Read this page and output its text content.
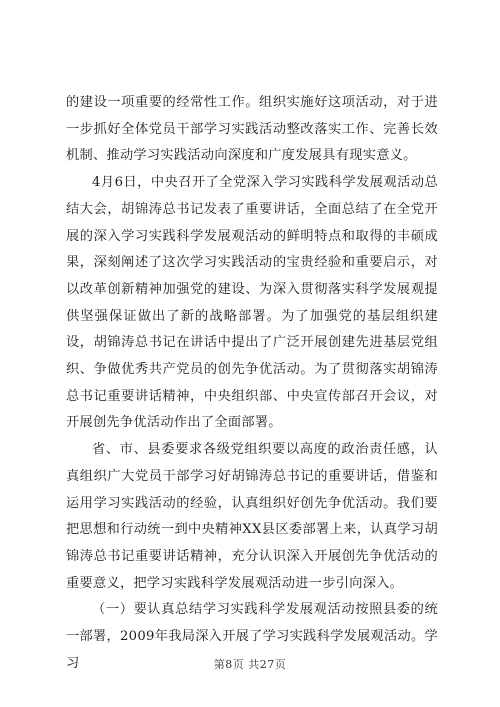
的建设一项重要的经常性工作。组织实施好这项活动，对于进一步抓好全体党员干部学习实践活动整改落实工作、完善长效机制、推动学习实践活动向深度和广度发展具有现实意义。

4月6日，中央召开了全党深入学习实践科学发展观活动总结大会，胡锦涛总书记发表了重要讲话，全面总结了在全党开展的深入学习实践科学发展观活动的鲜明特点和取得的丰硕成果，深刻阐述了这次学习实践活动的宝贵经验和重要启示，对以改革创新精神加强党的建设、为深入贯彻落实科学发展观提供坚强保证做出了新的战略部署。为了加强党的基层组织建设，胡锦涛总书记在讲话中提出了广泛开展创建先进基层党组织、争做优秀共产党员的创先争优活动。为了贯彻落实胡锦涛总书记重要讲话精神，中央组织部、中央宣传部召开会议，对开展创先争优活动作出了全面部署。

省、市、县委要求各级党组织要以高度的政治责任感，认真组织广大党员干部学习好胡锦涛总书记的重要讲话，借鉴和运用学习实践活动的经验，认真组织好创先争优活动。我们要把思想和行动统一到中央精神XX县区委部署上来，认真学习胡锦涛总书记重要讲话精神，充分认识深入开展创先争优活动的重要意义，把学习实践科学发展观活动进一步引向深入。

（一）要认真总结学习实践科学发展观活动按照县委的统一部署，2009年我局深入开展了学习实践科学发展观活动。学习	第8页 共27页
